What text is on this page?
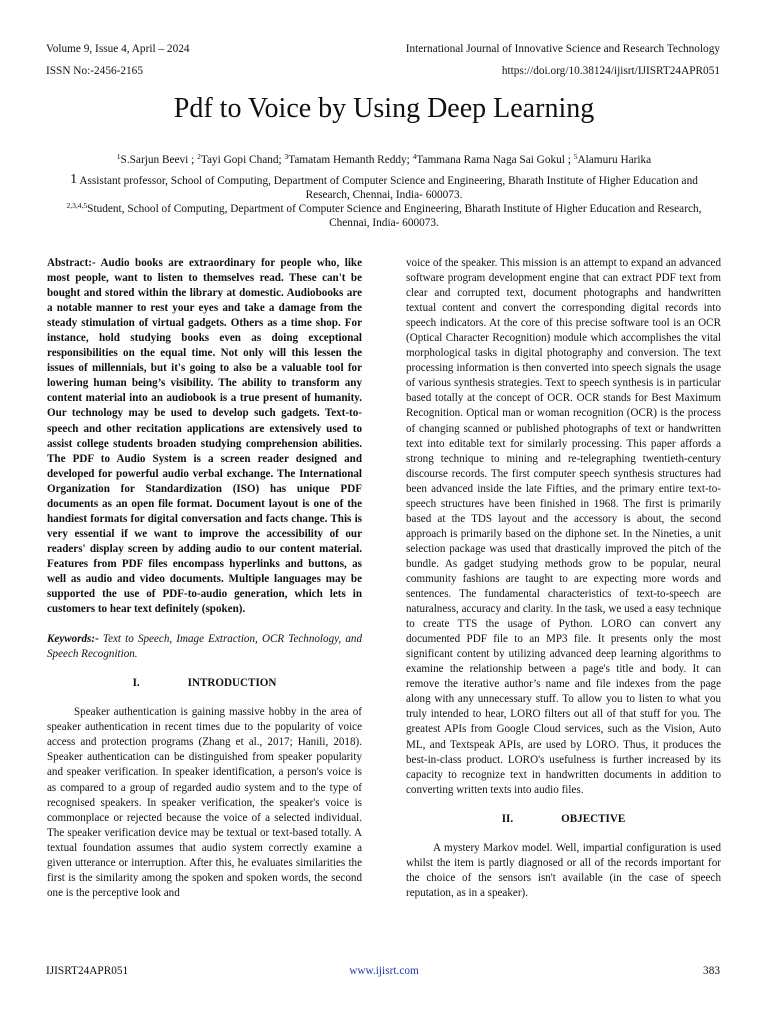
Volume 9, Issue 4, April – 2024
ISSN No:-2456-2165
International Journal of Innovative Science and Research Technology
https://doi.org/10.38124/ijisrt/IJISRT24APR051
Pdf to Voice by Using Deep Learning
$^1$S.Sarjun Beevi ; $^2$Tayi Gopi Chand; $^3$Tamatam Hemanth Reddy; $^4$Tammana Rama Naga Sai Gokul ; $^5$Alamuru Harika
1 Assistant professor, School of Computing, Department of Computer Science and Engineering, Bharath Institute of Higher Education and Research, Chennai, India- 600073.
$^{2,3,4,5}$Student, School of Computing, Department of Computer Science and Engineering, Bharath Institute of Higher Education and Research, Chennai, India- 600073.

Abstract:- Audio books are extraordinary for people who, like most people, want to listen to themselves read. These can't be bought and stored within the library at domestic. Audiobooks are a notable manner to rest your eyes and take a damage from the steady stimulation of virtual gadgets. Others as a time shop. For instance, hold studying books even as doing exceptional responsibilities on the equal time. Not only will this lessen the issues of millennials, but it's going to also be a valuable tool for lowering human being’s visibility. The ability to transform any content material into an audiobook is a true present of humanity. Our technology may be used to develop such gadgets. Text-to-speech and other recitation applications are extensively used to assist college students broaden studying comprehension abilities. The PDF to Audio System is a screen reader designed and developed for powerful audio verbal exchange. The International Organization for Standardization (ISO) has unique PDF documents as an open file format. Document layout is one of the handiest formats for digital conversation and facts change. This is very essential if we want to improve the accessibility of our readers' display screen by adding audio to our content material. Features from PDF files encompass hyperlinks and buttons, as well as audio and video documents. Multiple languages may be supported the use of PDF-to-audio generation, which lets in customers to hear text definitely (spoken).

Keywords:- Text to Speech, Image Extraction, OCR Technology, and Speech Recognition.

I.	INTRODUCTION

Speaker authentication is gaining massive hobby in the area of speaker authentication in recent times due to the popularity of voice access and protection programs (Zhang et al., 2017; Hanili, 2018). Speaker authentication can be distinguished from speaker popularity and speaker verification. In speaker identification, a person's voice is as compared to a group of regarded audio system and to the type of recognised speakers. In speaker verification, the speaker's voice is commonplace or rejected because the voice of a selected individual. The speaker verification device may be textual or text-based totally. A textual foundation assumes that audio system correctly examine a given utterance or interruption. After this, he evaluates similarities the first is the similarity among the spoken and spoken words, the second one is the perceptive look and

voice of the speaker. This mission is an attempt to expand an advanced software program development engine that can extract PDF text from clear and corrupted text, document photographs and handwritten textual content and convert the corresponding digital records into speech indicators. At the core of this precise software tool is an OCR (Optical Character Recognition) module which accomplishes the vital morphological tasks in digital photography and conversion. The text processing information is then converted into speech signals the usage of various synthesis strategies. Text to speech synthesis is in particular based totally at the concept of OCR. OCR stands for Best Maximum Recognition. Optical man or woman recognition (OCR) is the process of changing scanned or published photographs of text or handwritten text into editable text for similarly processing. This paper affords a strong technique to mining and re-telegraphing twentieth-century discourse records. The first computer speech synthesis structures had been advanced inside the late Fifties, and the primary entire text-to-speech structures have been finished in 1968. The first is primarily based at the TDS layout and the accessory is about, the second approach is primarily based on the diphone set. In the Nineties, a unit selection package was used that drastically improved the pitch of the bundle. As gadget studying methods grow to be popular, neural community fashions are taught to are expecting more words and sentences. The fundamental characteristics of text-to-speech are naturalness, accuracy and clarity. In the task, we used a easy technique to create TTS the usage of Python. LORO can convert any documented PDF file to an MP3 file. It presents only the most significant content by utilizing advanced deep learning algorithms to examine the relationship between a page's title and body. It can remove the iterative author’s name and file indexes from the page along with any unnecessary stuff. To allow you to listen to what you truly intended to hear, LORO filters out all of that stuff for you. The greatest APIs from Google Cloud services, such as the Vision, Auto ML, and Textspeak APIs, are used by LORO. Thus, it produces the best-in-class product. LORO's usefulness is further increased by its capacity to recognize text in handwritten documents in addition to converting written texts into audio files.

II.	OBJECTIVE

A mystery Markov model. Well, impartial configuration is used whilst the item is partly diagnosed or all of the records important for the choice of the sensors isn't available (in the case of speech reputation, as in a speaker).

IJISRT24APR051	www.ijisrt.com	383
